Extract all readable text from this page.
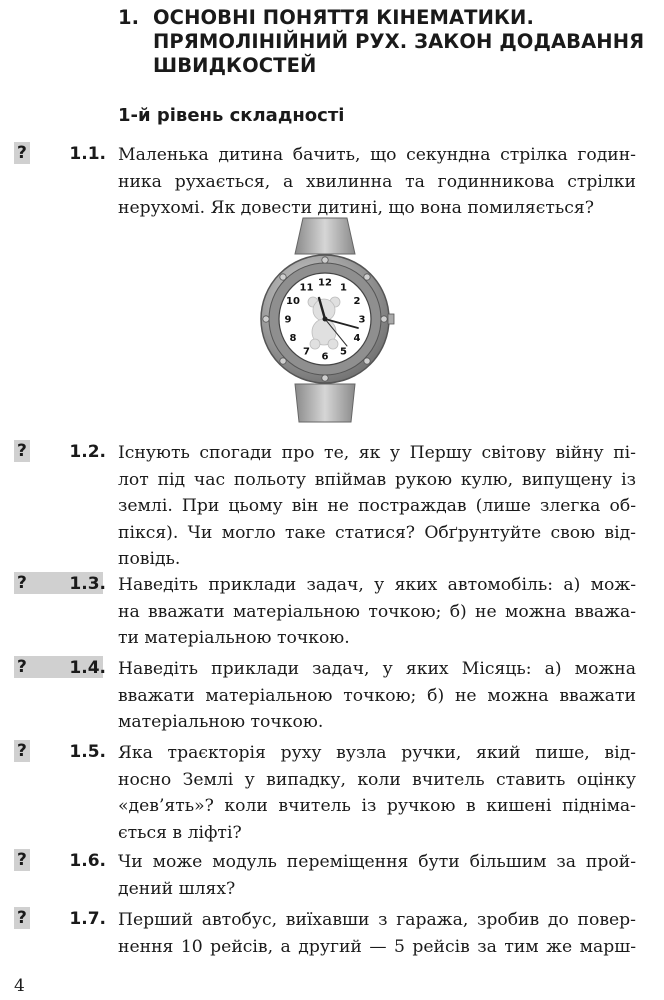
1. ОСНОВНІ ПОНЯТТЯ КІНЕМАТИКИ.
ПРЯМОЛІНІЙНИЙ РУХ. ЗАКОН ДОДАВАННЯ
ШВИДКОСТЕЙ
1-й рівень складності
?	1.1. Маленька дитина бачить, що секундна стрілка годин-
ника рухається, а хвилинна та годинникова стрілки
нерухомі. Як довести дитині, що вона помиляється?
12 1
2
3
4
5
6
7
8
9
10
11
?	1.2. Існують спогади про те, як у Першу світову війну пі-
лот під час польоту впіймав рукою кулю, випущену із
землі. При цьому він не постраждав (лише злегка об-
пікся). Чи могло таке статися? Обґрунтуйте свою від-
повідь.
?	1.3. Наведіть приклади задач, у яких автомобіль: а) мож-
на вважати матеріальною точкою; б) не можна вважа-
ти матеріальною точкою.
?	1.4. Наведіть приклади задач, у яких Місяць: а) можна
вважати матеріальною точкою; б) не можна вважати
матеріальною точкою.
?	1.5. Яка траєкторія руху вузла ручки, який пише, від-
носно Землі у випадку, коли вчитель ставить оцінку
«дев’ять»? коли вчитель із ручкою в кишені підніма-
ється в ліфті?
?	1.6. Чи може модуль переміщення бути більшим за прой-
дений шлях?
?	1.7. Перший автобус, виїхавши з гаража, зробив до повер-
нення 10 рейсів, а другий — 5 рейсів за тим же марш-
4
